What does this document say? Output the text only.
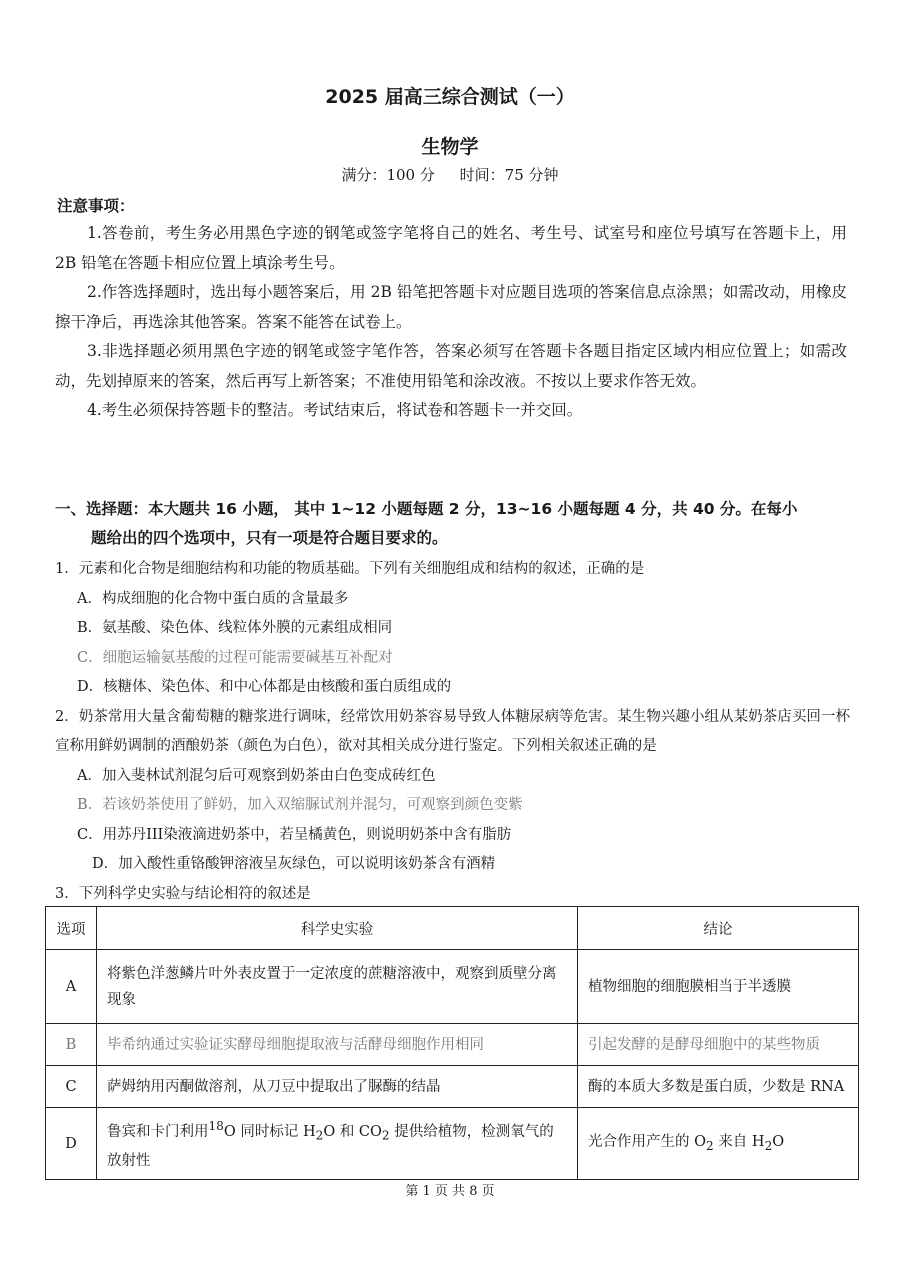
2025 届高三综合测试（一）
生物学
满分：100 分 时间：75 分钟
注意事项：

1.答卷前，考生务必用黑色字迹的钢笔或签字笔将自己的姓名、考生号、试室号和座位号填写在答题卡上，用 2B 铅笔在答题卡相应位置上填涂考生号。

2.作答选择题时，选出每小题答案后，用 2B 铅笔把答题卡对应题目选项的答案信息点涂黑；如需改动，用橡皮擦干净后，再选涂其他答案。答案不能答在试卷上。

3.非选择题必须用黑色字迹的钢笔或签字笔作答，答案必须写在答题卡各题目指定区域内相应位置上；如需改动，先划掉原来的答案，然后再写上新答案；不准使用铅笔和涂改液。不按以上要求作答无效。

4.考生必须保持答题卡的整洁。考试结束后，将试卷和答题卡一并交回。

一、选择题：本大题共 16 小题， 其中 1~12 小题每题 2 分，13~16 小题每题 4 分，共 40 分。在每小
题给出的四个选项中，只有一项是符合题目要求的。

1．元素和化合物是细胞结构和功能的物质基础。下列有关细胞组成和结构的叙述，正确的是

A．构成细胞的化合物中蛋白质的含量最多

B．氨基酸、染色体、线粒体外膜的元素组成相同

C．细胞运输氨基酸的过程可能需要碱基互补配对

D．核糖体、染色体、和中心体都是由核酸和蛋白质组成的

2．奶茶常用大量含葡萄糖的糖浆进行调味，经常饮用奶茶容易导致人体糖尿病等危害。某生物兴趣小组从某奶茶店买回一杯宣称用鲜奶调制的酒酿奶茶（颜色为白色），欲对其相关成分进行鉴定。下列相关叙述正确的是

A．加入斐林试剂混匀后可观察到奶茶由白色变成砖红色

B．若该奶茶使用了鲜奶，加入双缩脲试剂并混匀，可观察到颜色变紫

C．用苏丹III染液滴进奶茶中，若呈橘黄色，则说明奶茶中含有脂肪

D．加入酸性重铬酸钾溶液呈灰绿色，可以说明该奶茶含有酒精

3．下列科学史实验与结论相符的叙述是

选项	科学史实验	结论
A	将紫色洋葱鳞片叶外表皮置于一定浓度的蔗糖溶液中，观察到质壁分离现象	植物细胞的细胞膜相当于半透膜
B	毕希纳通过实验证实酵母细胞提取液与活酵母细胞作用相同	引起发酵的是酵母细胞中的某些物质
C	萨姆纳用丙酮做溶剂，从刀豆中提取出了脲酶的结晶	酶的本质大多数是蛋白质，少数是 RNA
D	鲁宾和卡门利用$^{18}$O 同时标记 $H_2O$ 和 $CO_2$ 提供给植物，检测氧气的放射性	光合作用产生的 $O_2$ 来自 $H_2O$
第 1 页 共 8 页
